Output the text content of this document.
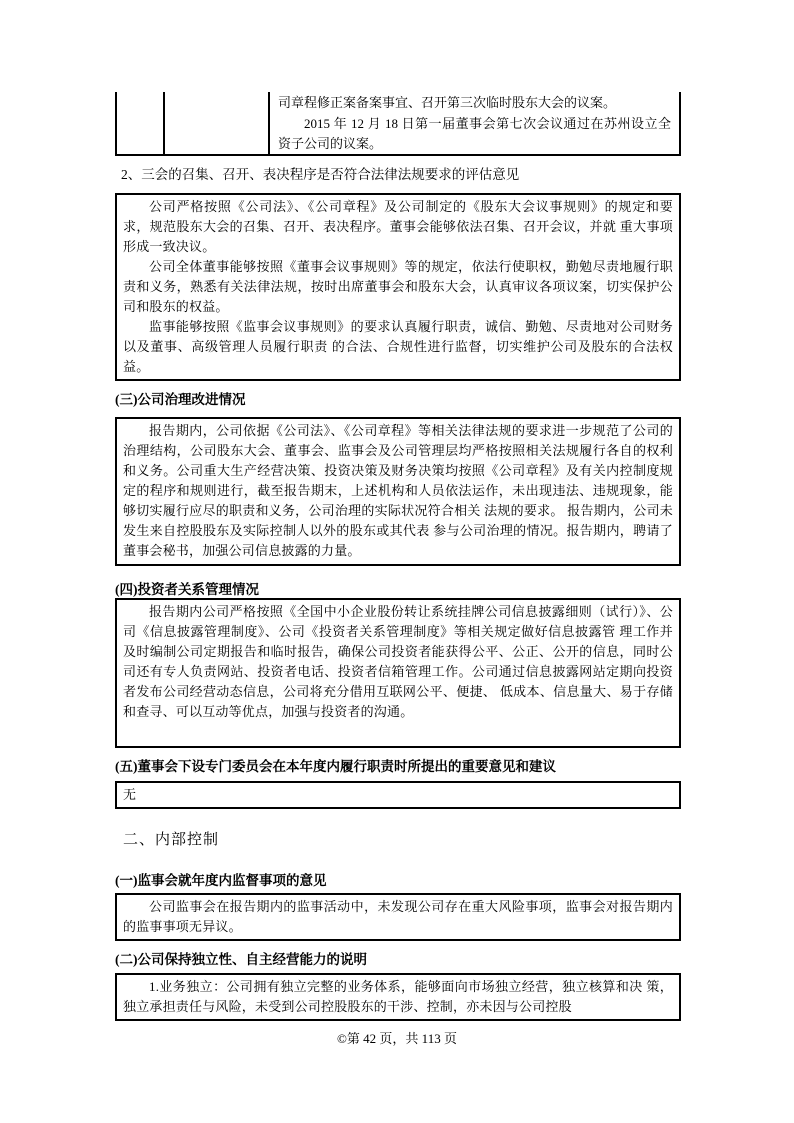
司章程修正案备案事宜、召开第三次临时股东大会的议案。

2015 年 12 月 18 日第一届董事会第七次会议通过在苏州设立全资子公司的议案。

2、三会的召集、召开、表决程序是否符合法律法规要求的评估意见

公司严格按照《公司法》、《公司章程》及公司制定的《股东大会议事规则》的规定和要求，规范股东大会的召集、召开、表决程序。董事会能够依法召集、召开会议，并就 重大事项形成一致决议。

公司全体董事能够按照《董事会议事规则》等的规定，依法行使职权，勤勉尽责地履行职责和义务，熟悉有关法律法规，按时出席董事会和股东大会，认真审议各项议案，切实保护公司和股东的权益。

监事能够按照《监事会议事规则》的要求认真履行职责，诚信、勤勉、尽责地对公司财务以及董事、高级管理人员履行职责 的合法、合规性进行监督，切实维护公司及股东的合法权益。

(三)公司治理改进情况

报告期内，公司依据《公司法》、《公司章程》等相关法律法规的要求进一步规范了公司的治理结构，公司股东大会、董事会、监事会及公司管理层均严格按照相关法规履行各自的权利和义务。公司重大生产经营决策、投资决策及财务决策均按照《公司章程》及有关内控制度规定的程序和规则进行，截至报告期末，上述机构和人员依法运作，未出现违法、违规现象，能够切实履行应尽的职责和义务，公司治理的实际状况符合相关 法规的要求。 报告期内，公司未发生来自控股股东及实际控制人以外的股东或其代表 参与公司治理的情况。报告期内，聘请了董事会秘书，加强公司信息披露的力量。

(四)投资者关系管理情况

报告期内公司严格按照《全国中小企业股份转让系统挂牌公司信息披露细则（试行）》、公司《信息披露管理制度》、公司《投资者关系管理制度》等相关规定做好信息披露管 理工作并及时编制公司定期报告和临时报告，确保公司投资者能获得公平、公正、公开的信息，同时公司还有专人负责网站、投资者电话、投资者信箱管理工作。公司通过信息披露网站定期向投资者发布公司经营动态信息，公司将充分借用互联网公平、便捷、 低成本、信息量大、易于存储和查寻、可以互动等优点，加强与投资者的沟通。

(五)董事会下设专门委员会在本年度内履行职责时所提出的重要意见和建议

无

二、内部控制
(一)监事会就年度内监督事项的意见

公司监事会在报告期内的监事活动中，未发现公司存在重大风险事项，监事会对报告期内的监事事项无异议。

(二)公司保持独立性、自主经营能力的说明

1.业务独立：公司拥有独立完整的业务体系，能够面向市场独立经营，独立核算和决 策，独立承担责任与风险，未受到公司控股股东的干涉、控制，亦未因与公司控股

©第 42 页，共 113 页
